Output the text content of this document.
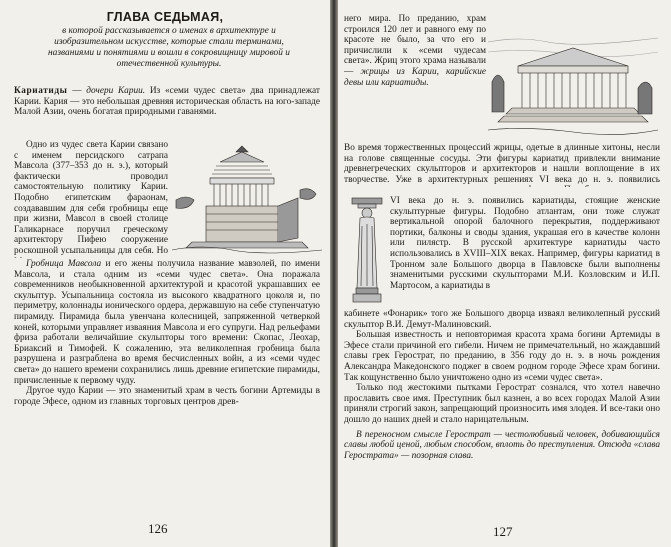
ГЛАВА СЕДЬМАЯ,
в которой рассказывается о именах в архитектуре и изобразительном искусстве, которые стали терминами, названиями и понятиями и вошли в сокровищницу мировой и отечественной культуры.

Кариатиды — дочери Карии. Из «семи чудес света» два принадлежат Карии. Кария — это небольшая древняя историческая область на юго-западе Малой Азии, очень богатая природными гаванями.

Одно из чудес света Карии связано с именем персидского сатрапа Мавсола (377–353 до н. э.), который фактически проводил самостоятельную политику Карии. Подобно египетским фараонам, создававшим для себя гробницы еще при жизни, Мавсол в своей столице Галикарнасе поручил греческому архитектору Пифею сооружение роскошной усыпальницы для себя. Но

Гробница Мавсола и его жены получила название мавзолей, по имени Мавсола, и стала одним из «семи чудес света». Она поражала современников необыкновенной архитектурой и красотой украшавших ее скульптур. Усыпальница состояла из высокого квадратного цоколя и, по периметру, колоннады ионического ордера, державшую на себе ступенчатую пирамиду. Пирамида была увенчана колесницей, запряженной четверкой коней, которыми управляет изваяния Мавсола и его супруги. Над рельефами фриза работали величайшие скульпторы того времени: Скопас, Леохар, Бриаксий и Тимофей. К сожалению, эта великолепная гробница была разрушена и разграблена во время бесчисленных войн, а из «семи чудес света» до нашего времени сохранились лишь древние египетские пирамиды, причисленные к первому чуду.

Другое чудо Карии — это знаменитый храм в честь богини Артемиды в городе Эфесе, одном из главных торговых центров древ-

126

него мира. По преданию, храм строился 120 лет и равного ему по красоте не было, за что его и причислили к «семи чудесам света». Жриц этого храма называли — жрицы из Карии, карийские девы или кариатиды.

Во время торжественных процессий жрицы, одетые в длинные хитоны, несли на голове священные сосуды. Эти фигуры кариатид привлекли внимание древнегреческих скульпторов и архитекторов и нашли воплощение в их творчестве. Уже в архитектурных решениях VI века до н. э. появились

VI века до н. э. появились кариатиды, стоящие женские скульптурные фигуры. Подобно атлантам, они тоже служат вертикальной опорой балочного перекрытия, поддерживают портики, балконы и своды здания, украшая его в качестве колонн или пилястр. В русской архитектуре кариатиды часто использовались в XVIII–XIX веках. Например, фигуры кариатид в Тронном зале Большого дворца в Павловске были выполнены знаменитыми русскими скульпторами М.И. Козловским и И.П. Мартосом, а кариатиды в

кабинете «Фонарик» того же Большого дворца изваял великолепный русский скульптор В.И. Демут-Малиновский.

Большая известность и неповторимая красота храма богини Артемиды в Эфесе стали причиной его гибели. Ничем не примечательный, но жаждавший славы грек Герострат, по преданию, в 356 году до н. э. в ночь рождения Александра Македонского поджег в своем родном городе Эфесе храм богини. Так кощунственно было уничтожено одно из «семи чудес света».

Только под жестокими пытками Герострат сознался, что хотел навечно прославить свое имя. Преступник был казнен, а во всех городах Малой Азии приняли строгий закон, запрещающий произносить имя злодея. И все-таки оно дошло до наших дней и стало нарицательным.

В переносном смысле Герострат — честолюбивый человек, добивающийся славы любой ценой, любым способом, вплоть до преступления. Отсюда «слава Герострата» — позорная слава.

127
